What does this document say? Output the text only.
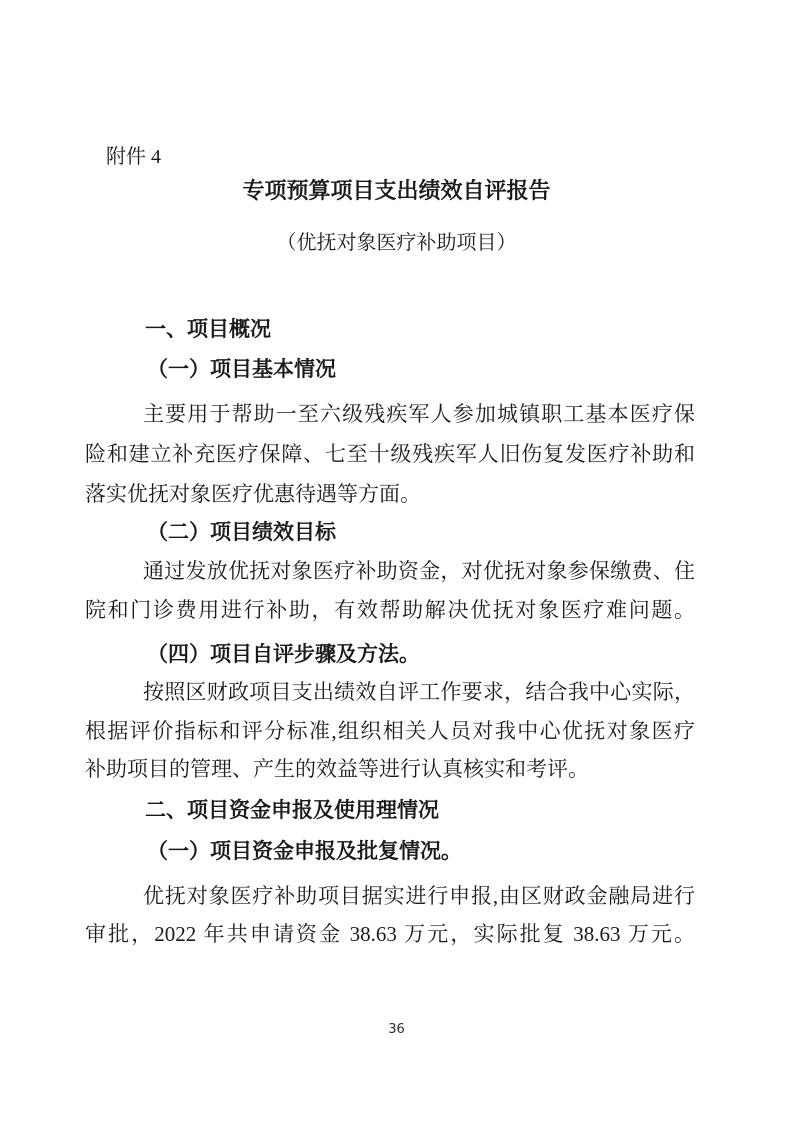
附件 4
专项预算项目支出绩效自评报告
（优抚对象医疗补助项目）
一、项目概况
（一）项目基本情况
主要用于帮助一至六级残疾军人参加城镇职工基本医疗保
险和建立补充医疗保障、七至十级残疾军人旧伤复发医疗补助和
落实优抚对象医疗优惠待遇等方面。
（二）项目绩效目标
通过发放优抚对象医疗补助资金，对优抚对象参保缴费、住
院和门诊费用进行补助，有效帮助解决优抚对象医疗难问题。
（四）项目自评步骤及方法。
按照区财政项目支出绩效自评工作要求，结合我中心实际，
根据评价指标和评分标准,组织相关人员对我中心优抚对象医疗
补助项目的管理、产生的效益等进行认真核实和考评。
二、项目资金申报及使用理情况
（一）项目资金申报及批复情况。
优抚对象医疗补助项目据实进行申报,由区财政金融局进行
审批，2022 年共申请资金 38.63 万元，实际批复 38.63 万元。
36
